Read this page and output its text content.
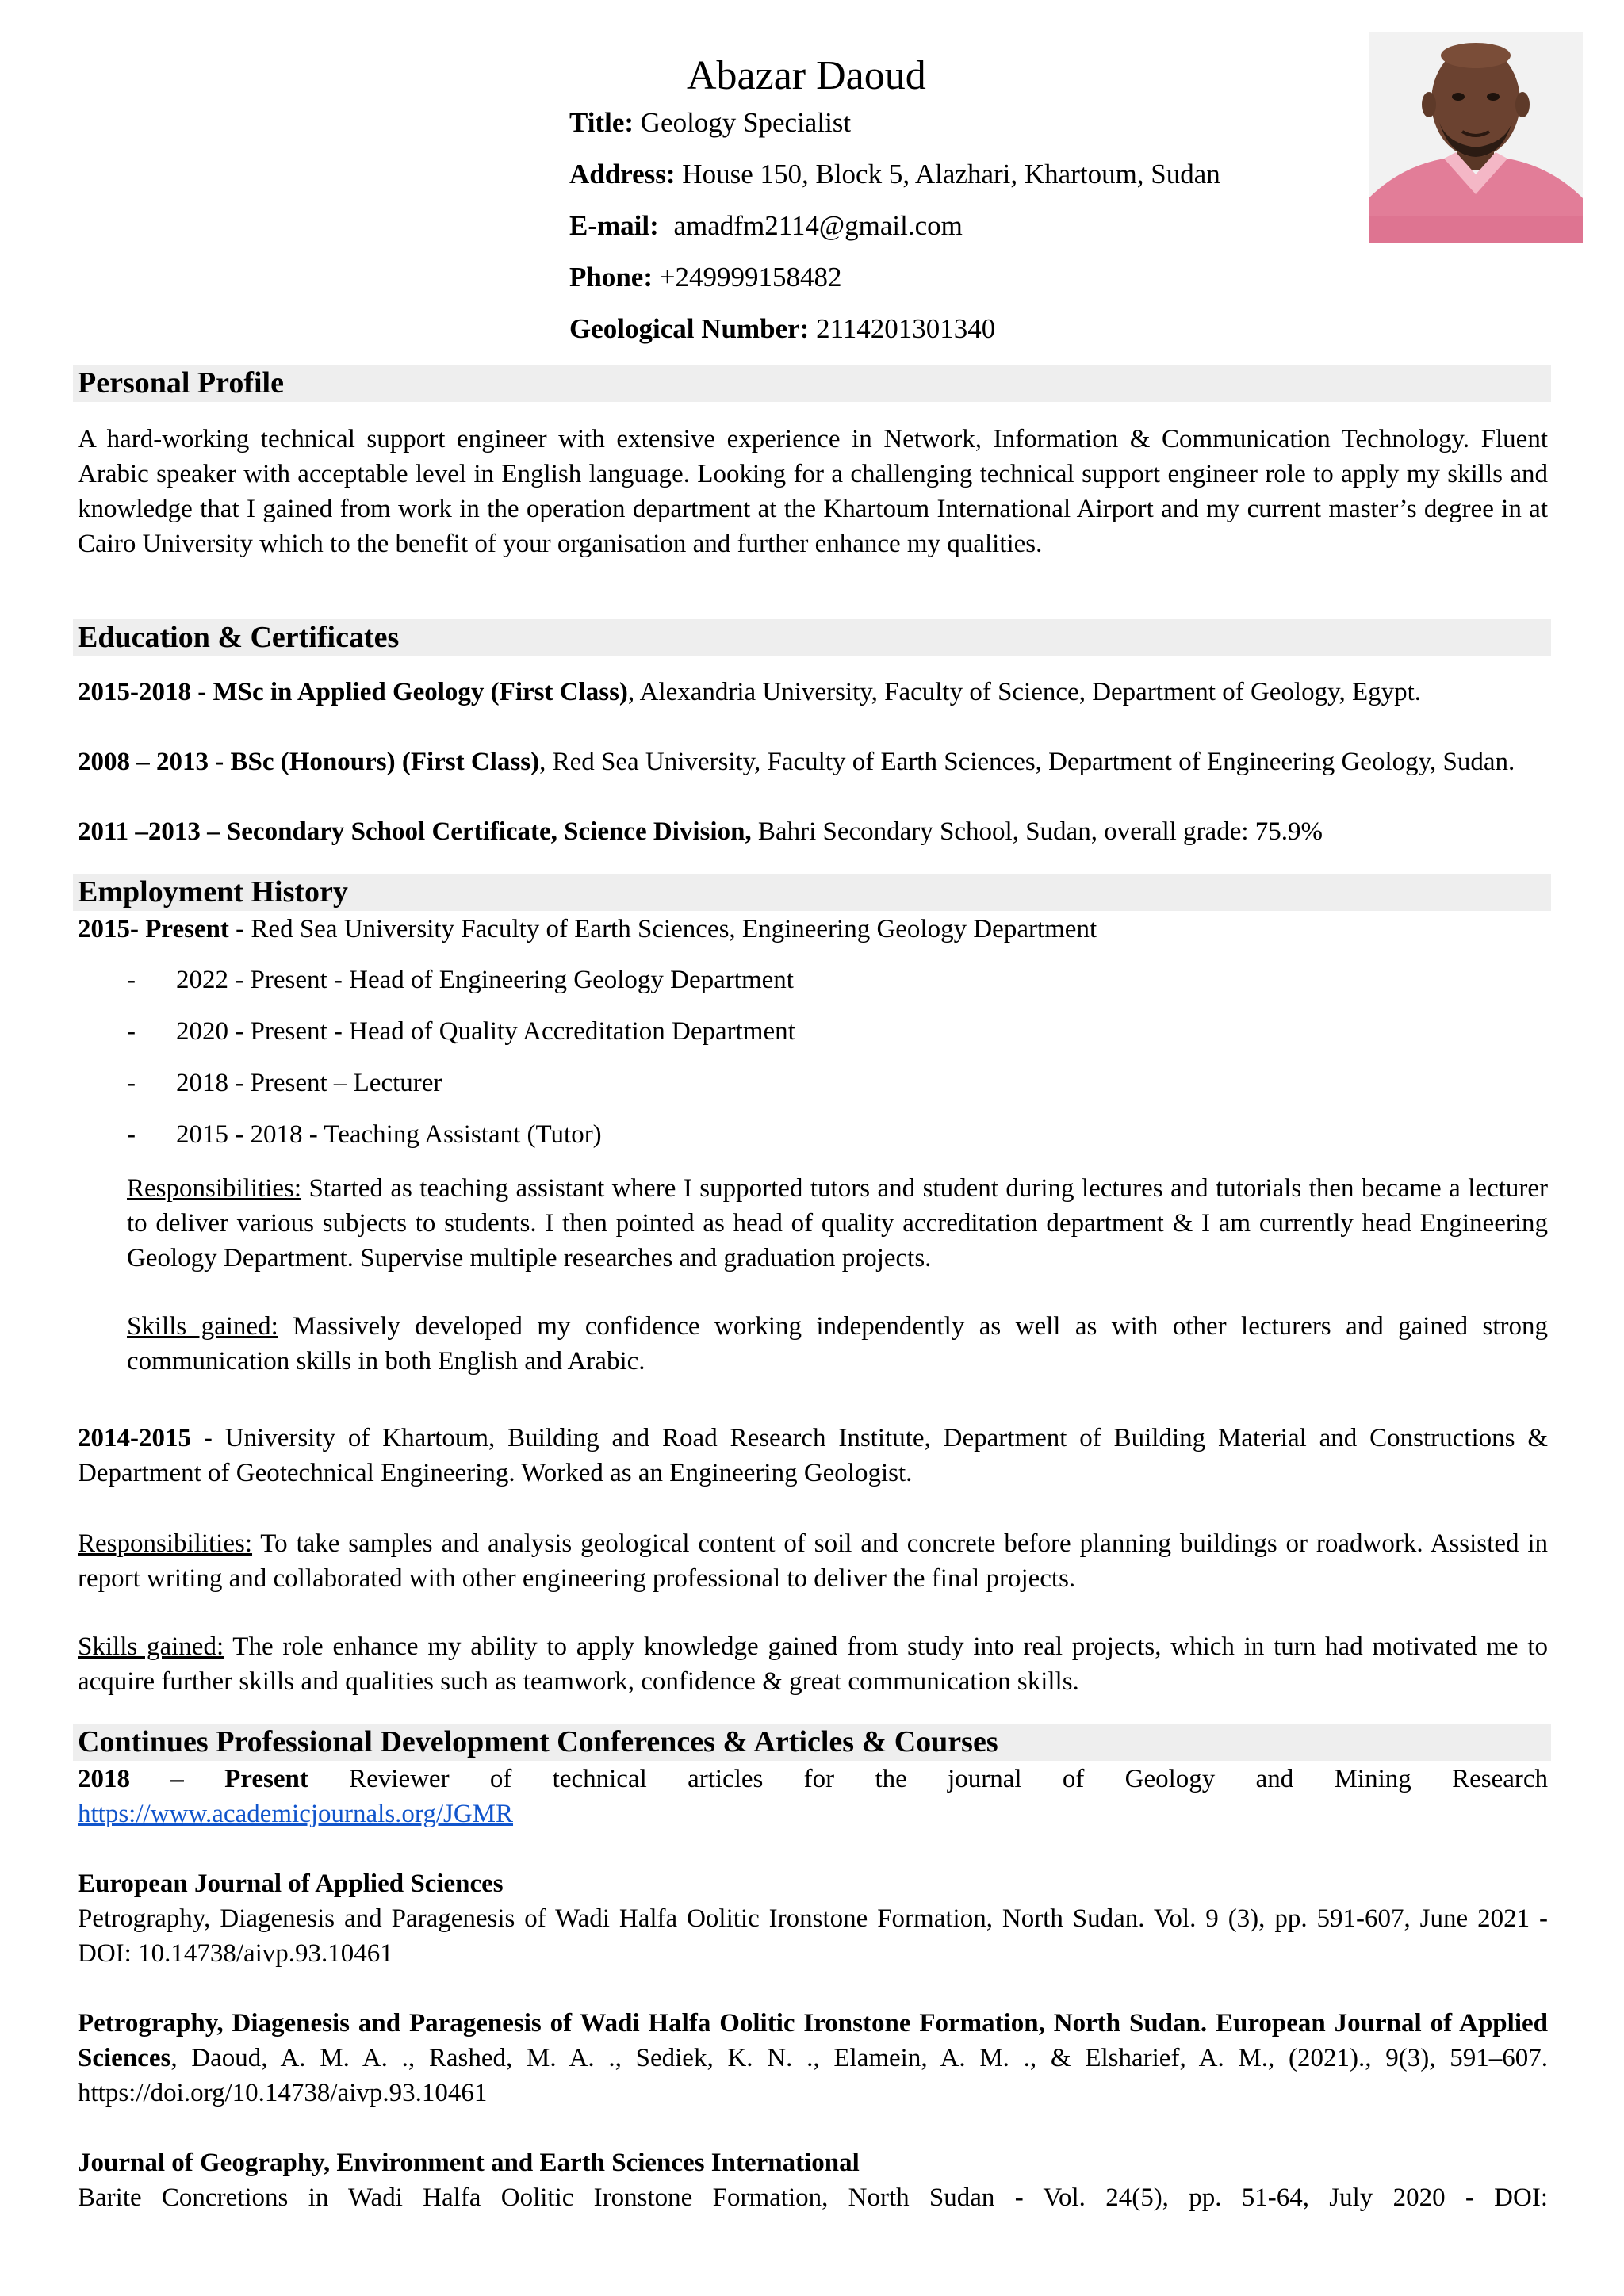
Abazar Daoud
Title: Geology Specialist
Address: House 150, Block 5, Alazhari, Khartoum, Sudan
E-mail: amadfm2114@gmail.com
Phone: +249999158482
Geological Number: 2114201301340
Personal Profile
A hard-working technical support engineer with extensive experience in Network, Information & Communication Technology. Fluent Arabic speaker with acceptable level in English language. Looking for a challenging technical support engineer role to apply my skills and knowledge that I gained from work in the operation department at the Khartoum International Airport and my current master’s degree in at Cairo University which to the benefit of your organisation and further enhance my qualities.
Education & Certificates
2015-2018 - MSc in Applied Geology (First Class), Alexandria University, Faculty of Science, Department of Geology, Egypt.
2008 – 2013 - BSc (Honours) (First Class), Red Sea University, Faculty of Earth Sciences, Department of Engineering Geology, Sudan.
2011 –2013 – Secondary School Certificate, Science Division, Bahri Secondary School, Sudan, overall grade: 75.9%
Employment History
2015- Present - Red Sea University Faculty of Earth Sciences, Engineering Geology Department
- 2022 - Present - Head of Engineering Geology Department
- 2020 - Present - Head of Quality Accreditation Department
- 2018 - Present – Lecturer
- 2015 - 2018 - Teaching Assistant (Tutor)
Responsibilities: Started as teaching assistant where I supported tutors and student during lectures and tutorials then became a lecturer to deliver various subjects to students. I then pointed as head of quality accreditation department & I am currently head Engineering Geology Department. Supervise multiple researches and graduation projects.
Skills gained: Massively developed my confidence working independently as well as with other lecturers and gained strong communication skills in both English and Arabic.
2014-2015 - University of Khartoum, Building and Road Research Institute, Department of Building Material and Constructions & Department of Geotechnical Engineering. Worked as an Engineering Geologist.
Responsibilities: To take samples and analysis geological content of soil and concrete before planning buildings or roadwork. Assisted in report writing and collaborated with other engineering professional to deliver the final projects.
Skills gained: The role enhance my ability to apply knowledge gained from study into real projects, which in turn had motivated me to acquire further skills and qualities such as teamwork, confidence & great communication skills.
Continues Professional Development Conferences & Articles & Courses
2018 – Present Reviewer of technical articles for the journal of Geology and Mining Research
https://www.academicjournals.org/JGMR
European Journal of Applied Sciences
Petrography, Diagenesis and Paragenesis of Wadi Halfa Oolitic Ironstone Formation, North Sudan. Vol. 9 (3), pp. 591-607, June 2021 - DOI: 10.14738/aivp.93.10461
Petrography, Diagenesis and Paragenesis of Wadi Halfa Oolitic Ironstone Formation, North Sudan. European Journal of Applied Sciences, Daoud, A. M. A. ., Rashed, M. A. ., Sediek, K. N. ., Elamein, A. M. ., & Elsharief, A. M., (2021)., 9(3), 591–607. https://doi.org/10.14738/aivp.93.10461
Journal of Geography, Environment and Earth Sciences International
Barite Concretions in Wadi Halfa Oolitic Ironstone Formation, North Sudan - Vol. 24(5), pp. 51-64, July 2020 - DOI:
